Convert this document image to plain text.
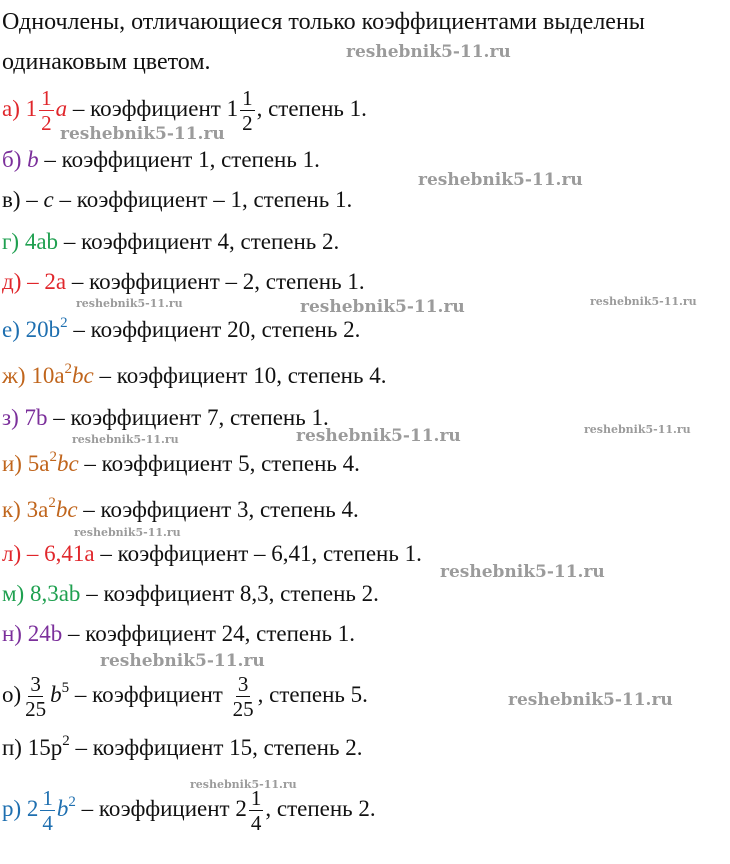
Одночлены, отличающиеся только коэффициентами выделены одинаковым цветом.
а) $1 \frac{1}{2}$ a – коэффициент $1 \frac{1}{2}$ , степень 1.
б) b – коэффициент 1, степень 1.
в) – c – коэффициент – 1, степень 1.
г) 4ab – коэффициент 4, степень 2.
д) – 2a – коэффициент – 2, степень 1.
е) $20b^2$ – коэффициент 20, степень 2.
ж) $10a^2bc$ – коэффициент 10, степень 4.
з) 7b – коэффициент 7, степень 1.
и) $5a^2bc$ – коэффициент 5, степень 4.
к) $3a^2bc$ – коэффициент 3, степень 4.
л) – 6,41a – коэффициент – 6,41, степень 1.
м) 8,3ab – коэффициент 8,3, степень 2.
н) 24b – коэффициент 24, степень 1.
$о) \frac{3}{25} b^5$ – коэффициент $\frac{3}{25}$ , степень 5.
п) $15p^2$ – коэффициент 15, степень 2.
р) $2 \frac{1}{4} b^2$ – коэффициент $2 \frac{1}{4}$ , степень 2.
reshebnik5-11.ru
reshebnik5-11.ru
reshebnik5-11.ru
reshebnik5-11.ru	reshebnik5-11.ru	reshebnik5-11.ru
reshebnik5-11.ru
reshebnik5-11.ru
reshebnik5-11.ru
reshebnik5-11.ru
reshebnik5-11.ru
reshebnik5-11.ru
reshebnik5-11.ru
reshebnik5-11.ru
